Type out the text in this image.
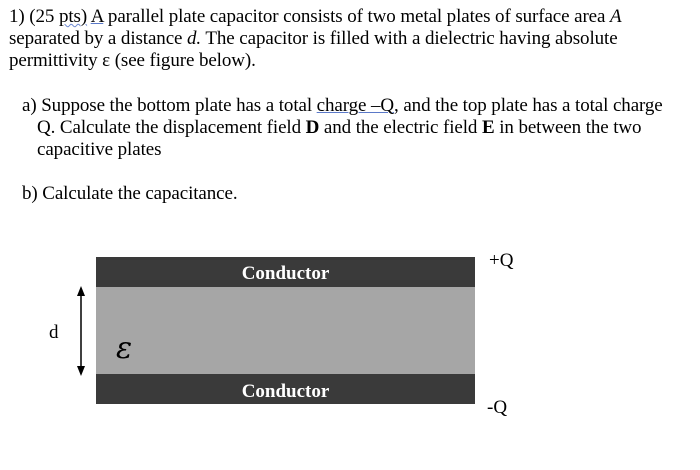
1) (25 pts) A parallel plate capacitor consists of two metal plates of surface area A
separated by a distance d. The capacitor is filled with a dielectric having absolute
permittivity ε (see figure below).
a) Suppose the bottom plate has a total charge –Q, and the top plate has a total charge
Q. Calculate the displacement field D and the electric field E in between the two
capacitive plates
b) Calculate the capacitance.
Conductor
Conductor
ε
+Q
-Q
d
